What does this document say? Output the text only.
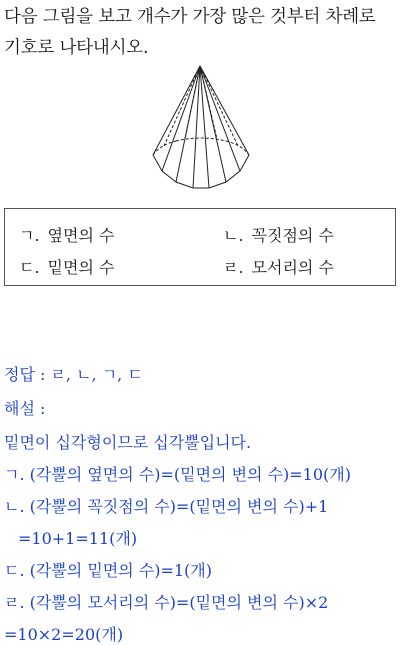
다음 그림을 보고 개수가 가장 많은 것부터 차례로
기호로 나타내시오.
ㄱ. 옆면의 수	ㄴ. 꼭짓점의 수
ㄷ. 밑면의 수	ㄹ. 모서리의 수
정답 : ㄹ, ㄴ, ㄱ, ㄷ
해설 :
밑면이 십각형이므로 십각뿔입니다.
ㄱ. (각뿔의 옆면의 수)=(밑면의 변의 수)=10(개)
ㄴ. (각뿔의 꼭짓점의 수)=(밑면의 변의 수)+1
=10+1=11(개)
ㄷ. (각뿔의 밑면의 수)=1(개)
ㄹ. (각뿔의 모서리의 수)=(밑면의 변의 수)×2
=10×2=20(개)
